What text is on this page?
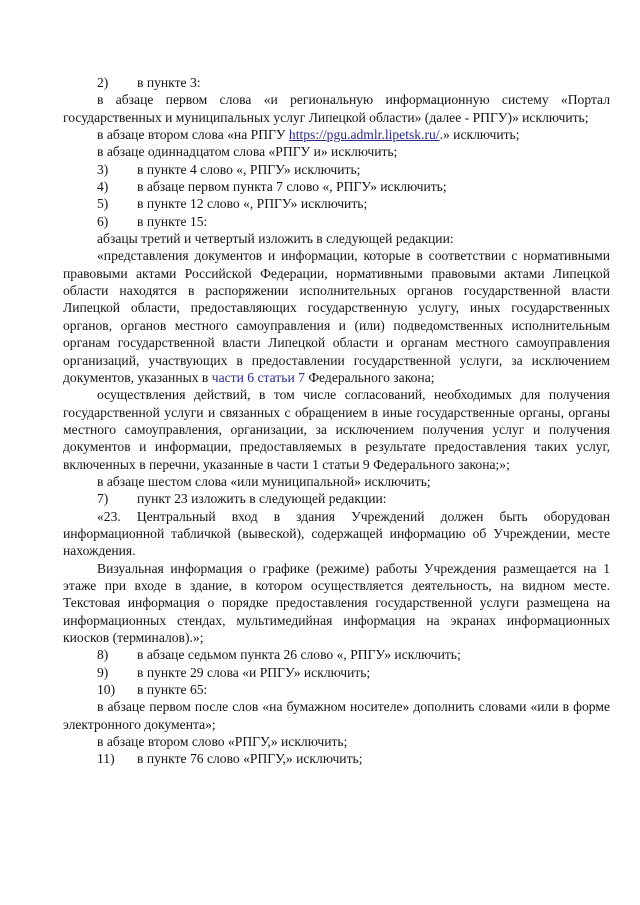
2)	в пункте 3:

в абзаце первом слова «и региональную информационную систему «Портал государственных и муниципальных услуг Липецкой области» (далее - РПГУ)» исключить;

в абзаце втором слова «на РПГУ https://pgu.admlr.lipetsk.ru/.» исключить;

в абзаце одиннадцатом слова «РПГУ и» исключить;

3)	в пункте 4 слово «, РПГУ» исключить;
4)	в абзаце первом пункта 7 слово «, РПГУ» исключить;
5)	в пункте 12 слово «, РПГУ» исключить;
6)	в пункте 15:

абзацы третий и четвертый изложить в следующей редакции:

«представления документов и информации, которые в соответствии с нормативными правовыми актами Российской Федерации, нормативными правовыми актами Липецкой области находятся в распоряжении исполнительных органов государственной власти Липецкой области, предоставляющих государственную услугу, иных государственных органов, органов местного самоуправления и (или) подведомственных исполнительным органам государственной власти Липецкой области и органам местного самоуправления организаций, участвующих в предоставлении государственной услуги, за исключением документов, указанных в части 6 статьи 7 Федерального закона;

осуществления действий, в том числе согласований, необходимых для получения государственной услуги и связанных с обращением в иные государственные органы, органы местного самоуправления, организации, за исключением получения услуг и получения документов и информации, предоставляемых в результате предоставления таких услуг, включенных в перечни, указанные в части 1 статьи 9 Федерального закона;»;

в абзаце шестом слова «или муниципальной» исключить;

7)	пункт 23 изложить в следующей редакции:

«23. Центральный вход в здания Учреждений должен быть оборудован информационной табличкой (вывеской), содержащей информацию об Учреждении, месте нахождения.

Визуальная информация о графике (режиме) работы Учреждения размещается на 1 этаже при входе в здание, в котором осуществляется деятельность, на видном месте. Текстовая информация о порядке предоставления государственной услуги размещена на информационных стендах, мультимедийная информация на экранах информационных киосков (терминалов).»;

8)	в абзаце седьмом пункта 26 слово «, РПГУ» исключить;
9)	в пункте 29 слова «и РПГУ» исключить;
10)	в пункте 65:

в абзаце первом после слов «на бумажном носителе» дополнить словами «или в форме электронного документа»;

в абзаце втором слово «РПГУ,» исключить;

11)	в пункте 76 слово «РПГУ,» исключить;
